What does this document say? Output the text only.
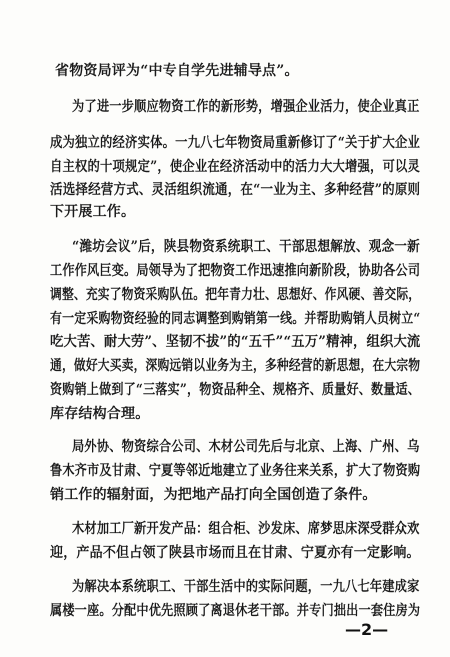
省物资局评为“中专自学先进辅导点”。
为了进一步顺应物资工作的新形势，增强企业活力，使企业真正
成为独立的经济实体。一九八七年物资局重新修订了“关于扩大企业
自主权的十项规定”，使企业在经济活动中的活力大大增强，可以灵
活选择经营方式、灵活组织流通，在“一业为主、多种经营”的原则
下开展工作。
“潍坊会议”后，陕县物资系统职工、干部思想解放、观念一新
工作作风巨变。局领导为了把物资工作迅速推向新阶段，协助各公司
调整、充实了物资采购队伍。把年青力壮、思想好、作风硬、善交际，
有一定采购物资经验的同志调整到购销第一线。并帮助购销人员树立“
吃大苦、耐大劳”、坚韧不拔”的“五千”“五万”精神，组织大流
通，做好大买卖，深购远销以业务为主，多种经营的新思想，在大宗物
资购销上做到了“三落实”，物资品种全、规格齐、质量好、数量适、
库存结构合理。
局外协、物资综合公司、木材公司先后与北京、上海、广州、乌
鲁木齐市及甘肃、宁夏等邻近地建立了业务往来关系，扩大了物资购
销工作的辐射面，为把地产品打向全国创造了条件。
木材加工厂新开发产品：组合柜、沙发床、席梦思床深受群众欢
迎，产品不但占领了陕县市场而且在甘肃、宁夏亦有一定影响。
为解决本系统职工、干部生活中的实际问题，一九八七年建成家
属楼一座。分配中优先照顾了离退休老干部。并专门拙出一套住房为
—2—
